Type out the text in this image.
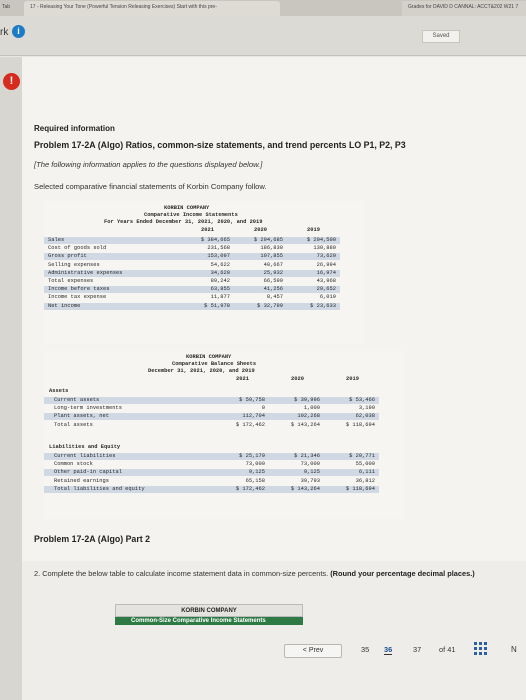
Tab	17 - Releasing Your Tone (Powerful Tension Releasing Exercises) Start with this pre-	Grades for DAVID D CANNAL: ACCT&202 W21 7
rk i	Saved
!
Required information
Problem 17-2A (Algo) Ratios, common-size statements, and trend percents LO P1, P2, P3
[The following information applies to the questions displayed below.]
Selected comparative financial statements of Korbin Company follow.
KORBIN COMPANY
Comparative Income Statements
For Years Ended December 31, 2021, 2020, and 2019
2021	2020	2019
Sales	$ 384,665	$ 294,685	$ 204,500
Cost of goods sold	231,568	186,830	130,880
Gross profit	153,097	107,855	73,620
Selling expenses	54,622	40,667	26,994
Administrative expenses	34,620	25,932	16,974
Total expenses	89,242	66,599	43,968
Income before taxes	63,855	41,256	29,652
Income tax expense	11,877	8,457	6,019
Net income	$ 51,978	$ 32,799	$ 23,633
KORBIN COMPANY
Comparative Balance Sheets
December 31, 2021, 2020, and 2019
2021	2020	2019
Assets
Liabilities and Equity
Current assets	$ 59,758	$ 39,996	$ 53,466
Long-term investments	0	1,000	3,190
Plant assets, net	112,704	102,268	62,038
Total assets	$ 172,462	$ 143,264	$ 118,694
Current liabilities	$ 25,179	$ 21,346	$ 20,771
Common stock	73,000	73,000	55,000
Other paid-in capital	9,125	9,125	6,111
Retained earnings	65,158	39,793	36,812
Total liabilities and equity	$ 172,462	$ 143,264	$ 118,694
Problem 17-2A (Algo) Part 2
2. Complete the below table to calculate income statement data in common-size percents. (Round your percentage decimal places.)
KORBIN COMPANY
Common-Size Comparative Income Statements
< Prev	35 36	37 of 41	N
